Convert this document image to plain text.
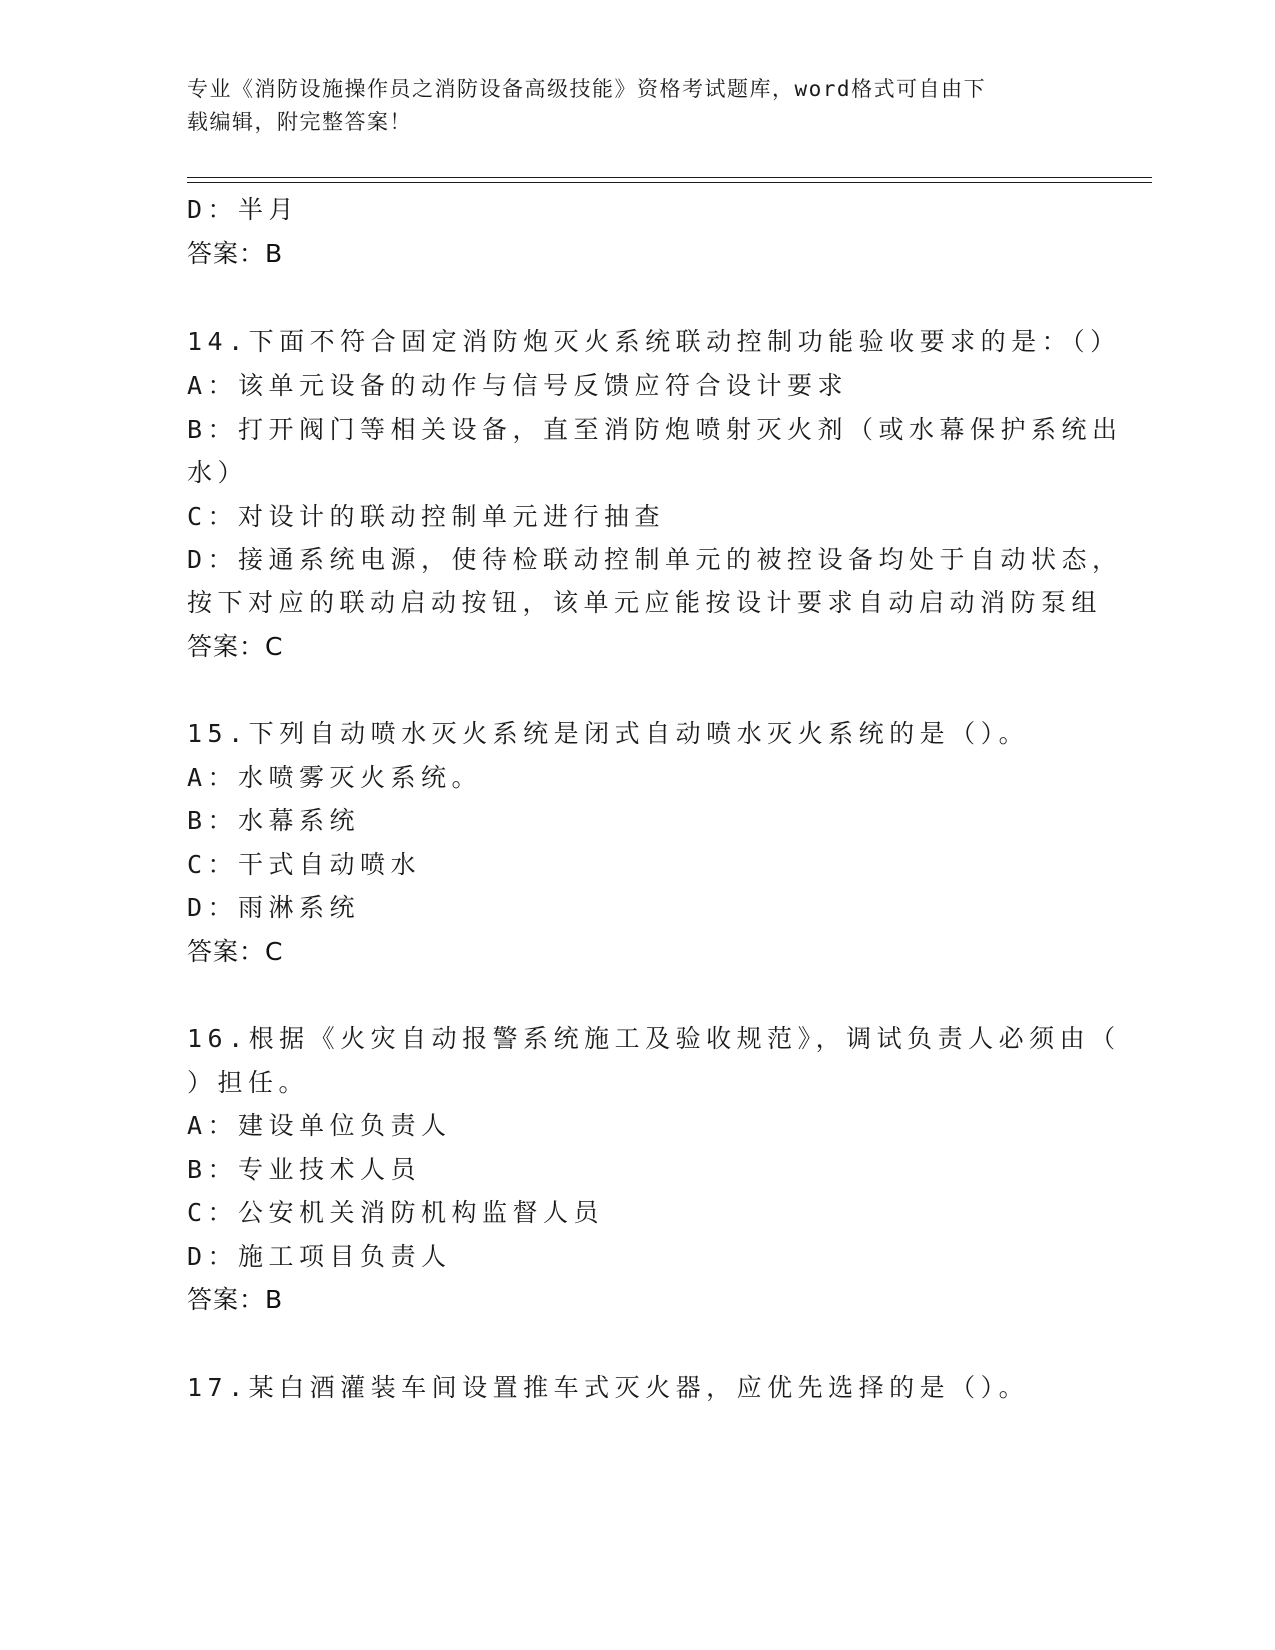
专业《消防设施操作员之消防设备高级技能》资格考试题库，word格式可自由下
载编辑，附完整答案！
D：半月
答案：B
14.下面不符合固定消防炮灭火系统联动控制功能验收要求的是：（）
A：该单元设备的动作与信号反馈应符合设计要求
B：打开阀门等相关设备，直至消防炮喷射灭火剂（或水幕保护系统出
水）
C：对设计的联动控制单元进行抽查
D：接通系统电源，使待检联动控制单元的被控设备均处于自动状态，
按下对应的联动启动按钮，该单元应能按设计要求自动启动消防泵组
答案：C
15.下列自动喷水灭火系统是闭式自动喷水灭火系统的是（）。
A：水喷雾灭火系统。
B：水幕系统
C：干式自动喷水
D：雨淋系统
答案：C
16.根据《火灾自动报警系统施工及验收规范》，调试负责人必须由（
）担任。
A：建设单位负责人
B：专业技术人员
C：公安机关消防机构监督人员
D：施工项目负责人
答案：B
17.某白酒灌装车间设置推车式灭火器，应优先选择的是（）。
